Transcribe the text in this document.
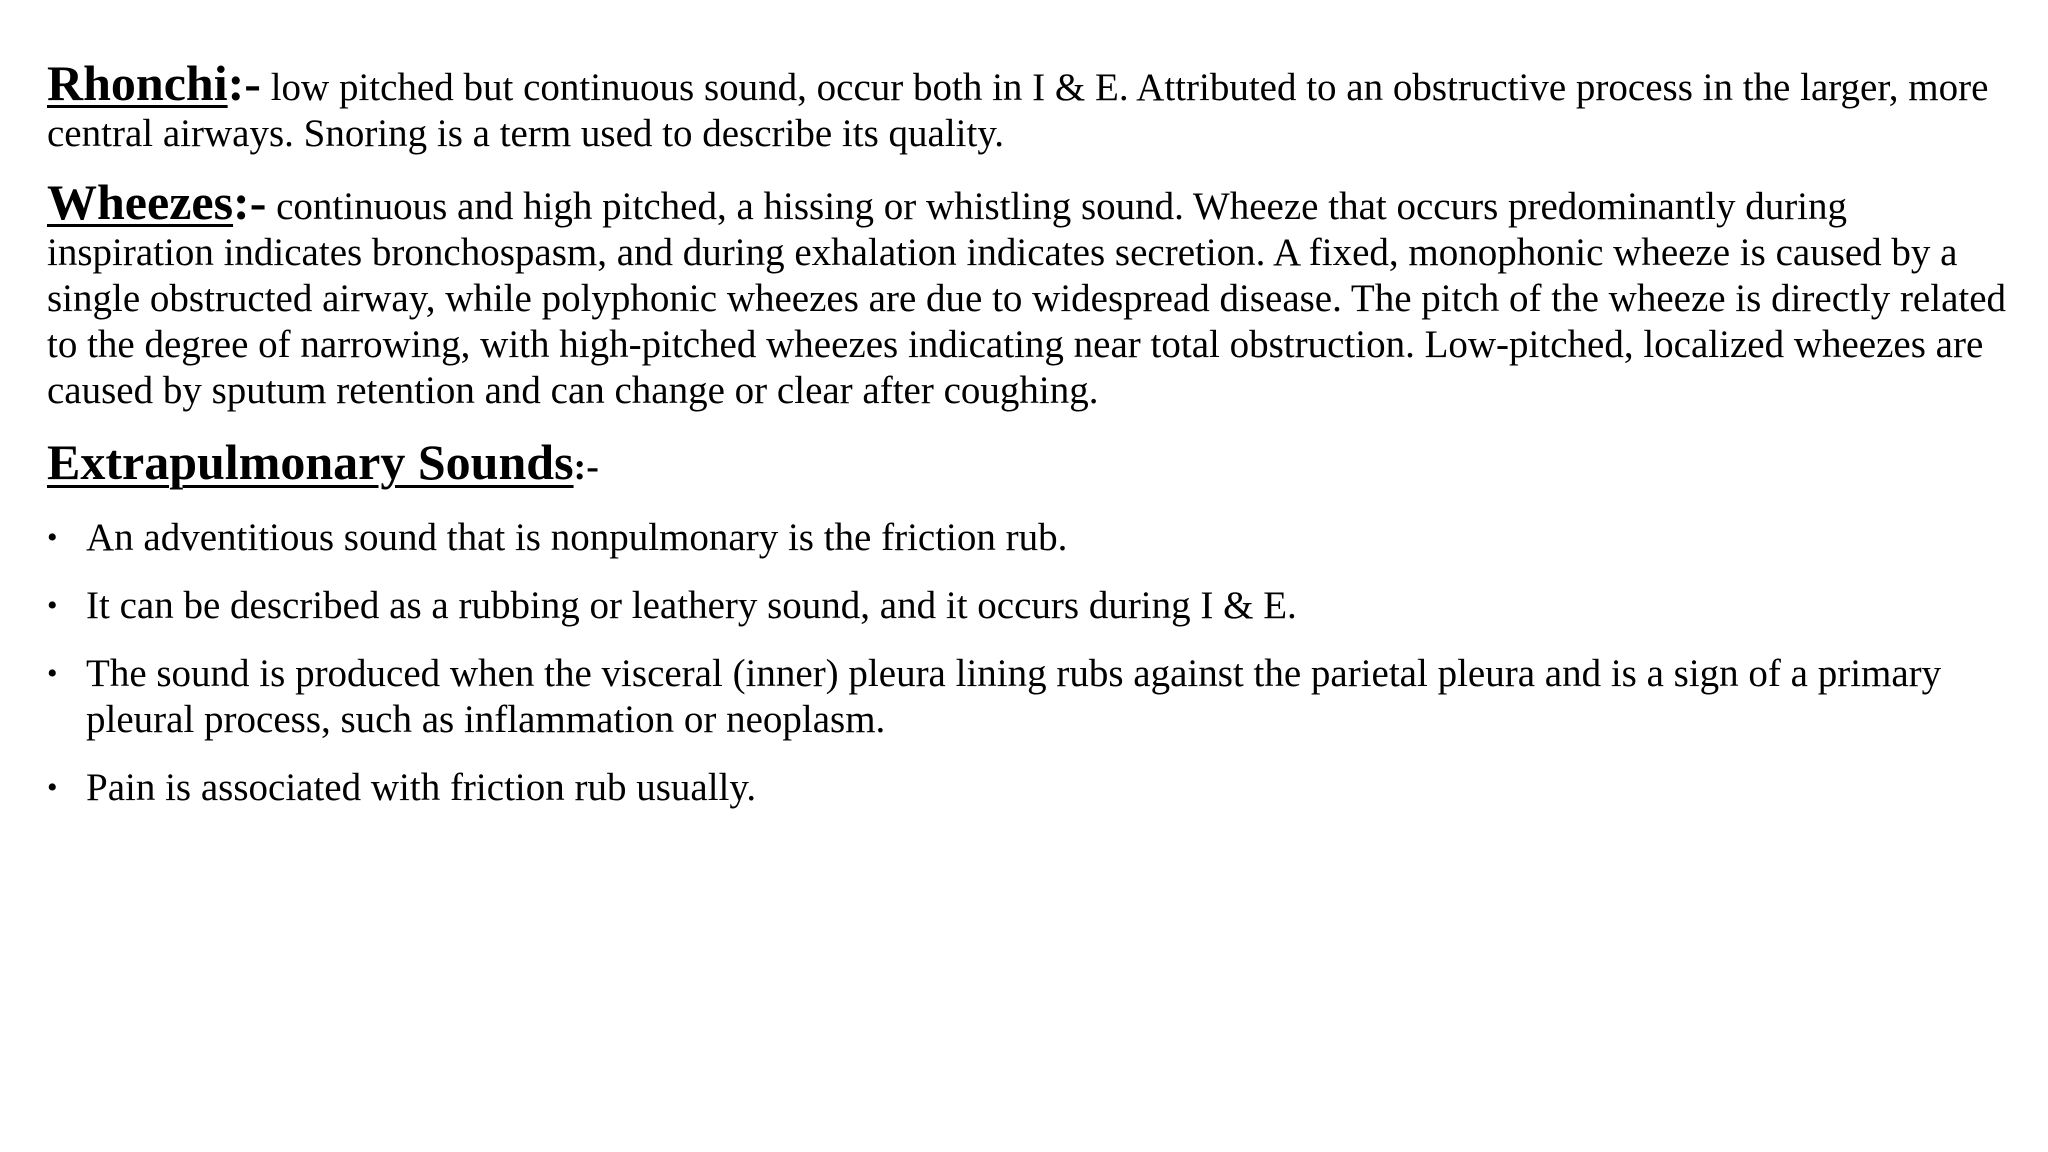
Rhonchi:- low pitched but continuous sound, occur both in I & E. Attributed to an obstructive process in the larger, more central airways. Snoring is a term used to describe its quality.

Wheezes:- continuous and high pitched, a hissing or whistling sound. Wheeze that occurs predominantly during inspiration indicates bronchospasm, and during exhalation indicates secretion. A fixed, monophonic wheeze is caused by a single obstructed airway, while polyphonic wheezes are due to widespread disease. The pitch of the wheeze is directly related to the degree of narrowing, with high-pitched wheezes indicating near total obstruction. Low-pitched, localized wheezes are caused by sputum retention and can change or clear after coughing.

Extrapulmonary Sounds:-
• An adventitious sound that is nonpulmonary is the friction rub.
• It can be described as a rubbing or leathery sound, and it occurs during I & E.
• The sound is produced when the visceral (inner) pleura lining rubs against the parietal pleura and is a sign of a primary pleural process, such as inflammation or neoplasm.
• Pain is associated with friction rub usually.
